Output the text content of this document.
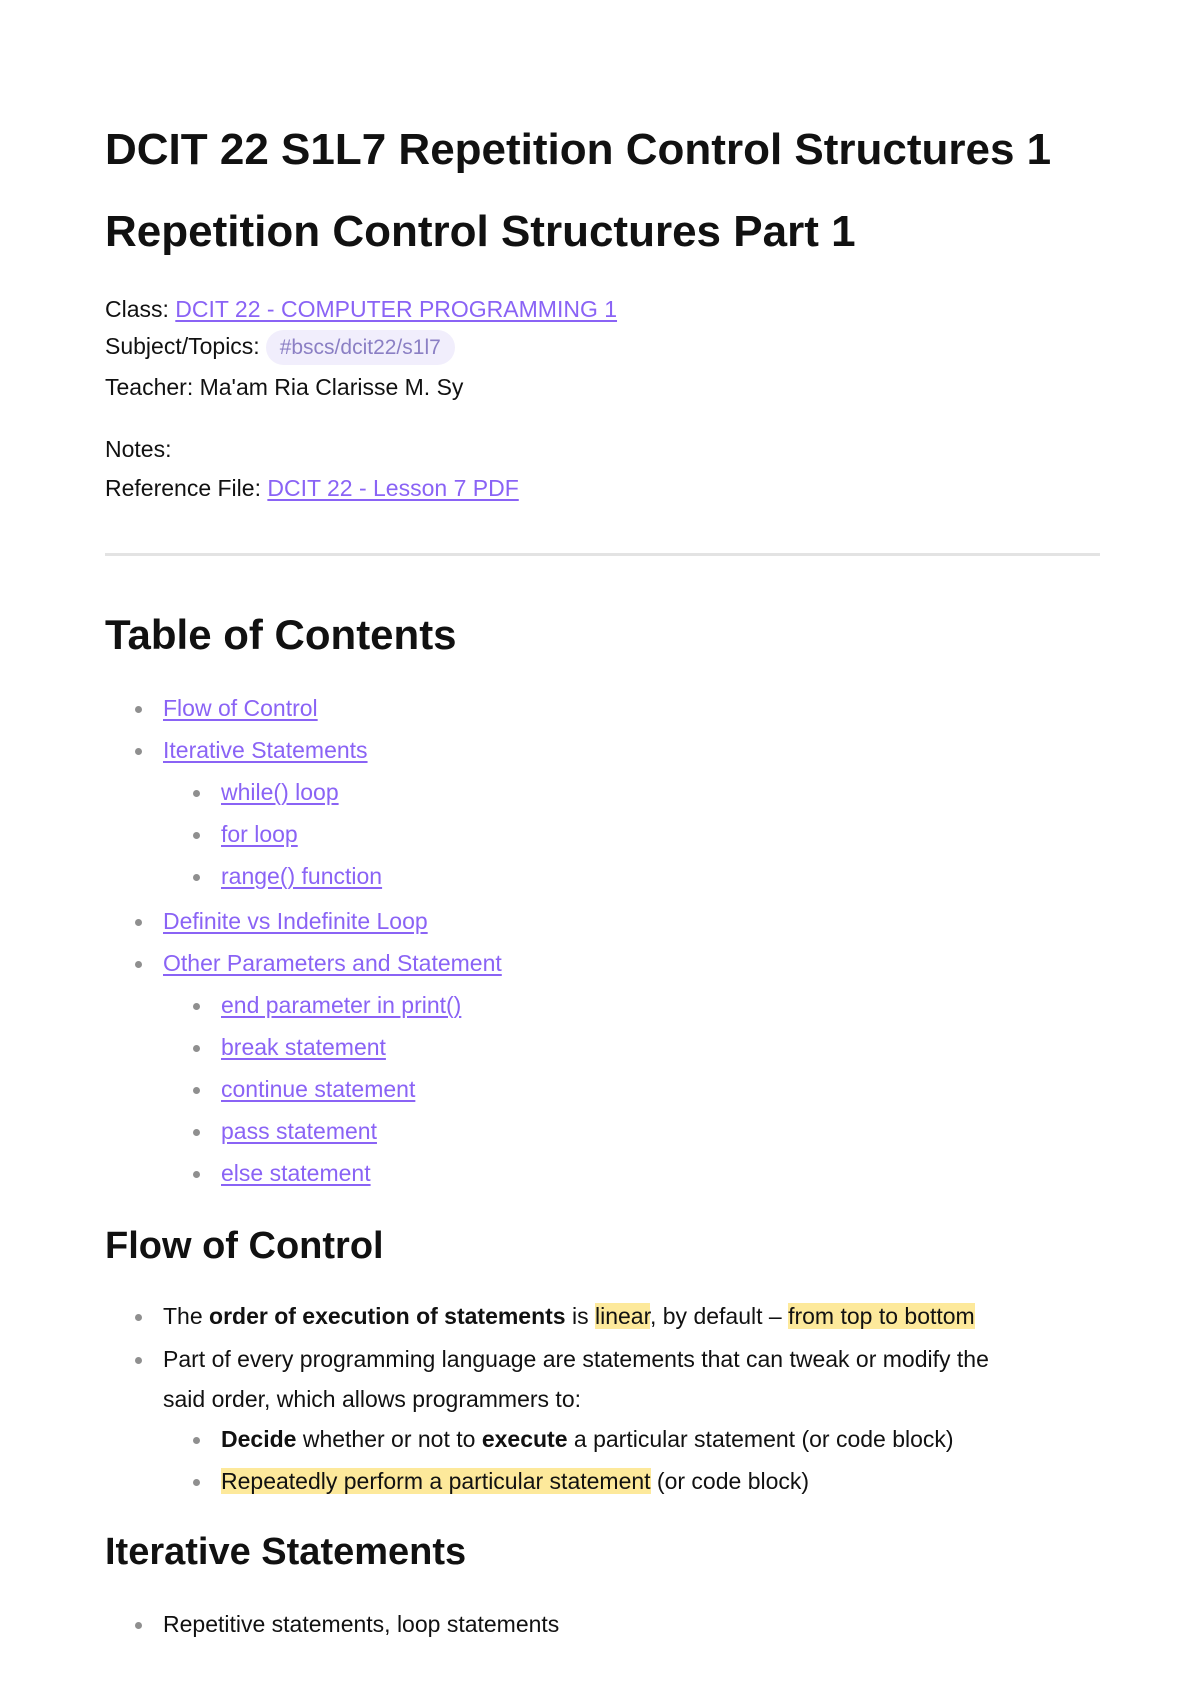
DCIT 22 S1L7 Repetition Control Structures 1
Repetition Control Structures Part 1
Class: DCIT 22 - COMPUTER PROGRAMMING 1
Subject/Topics: #bscs/dcit22/s1l7
Teacher: Ma'am Ria Clarisse M. Sy
Notes:
Reference File: DCIT 22 - Lesson 7 PDF
Table of Contents
Flow of Control
Iterative Statements
while() loop
for loop
range() function
Definite vs Indefinite Loop
Other Parameters and Statement
end parameter in print()
break statement
continue statement
pass statement
else statement
Flow of Control
The order of execution of statements is linear, by default – from top to bottom
Part of every programming language are statements that can tweak or modify the
said order, which allows programmers to:
Decide whether or not to execute a particular statement (or code block)
Repeatedly perform a particular statement (or code block)
Iterative Statements
Repetitive statements, loop statements
